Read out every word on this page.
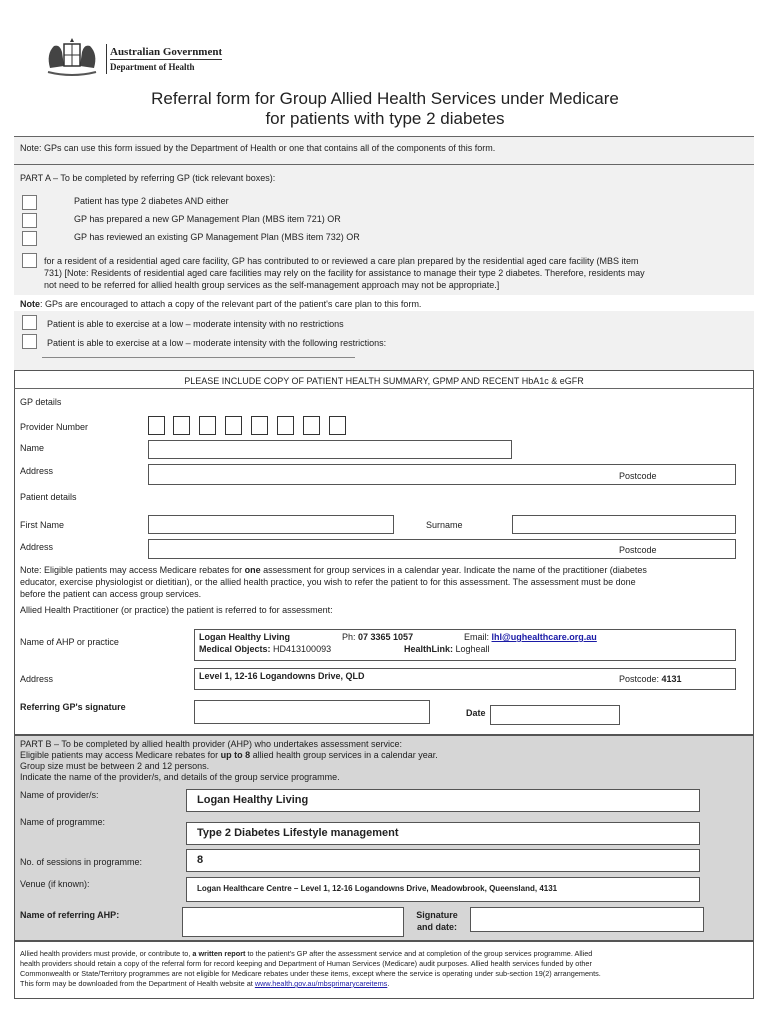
Australian Government
Department of Health
Referral form for Group Allied Health Services under Medicare
for patients with type 2 diabetes
Note: GPs can use this form issued by the Department of Health or one that contains all of the components of this form.
PART A – To be completed by referring GP (tick relevant boxes):
Patient has type 2 diabetes AND either
GP has prepared a new GP Management Plan (MBS item 721) OR
GP has reviewed an existing GP Management Plan (MBS item 732) OR
for a resident of a residential aged care facility, GP has contributed to or reviewed a care plan prepared by the residential aged care facility (MBS item
731) [Note: Residents of residential aged care facilities may rely on the facility for assistance to manage their type 2 diabetes. Therefore, residents may
not need to be referred for allied health group services as the self-management approach may not be appropriate.]
Note: GPs are encouraged to attach a copy of the relevant part of the patient's care plan to this form.
Patient is able to exercise at a low – moderate intensity with no restrictions
Patient is able to exercise at a low – moderate intensity with the following restrictions:
PLEASE INCLUDE COPY OF PATIENT HEALTH SUMMARY, GPMP AND RECENT HbA1c & eGFR
GP details
Provider Number
Name
Address	Postcode
Patient details
First Name	Surname
Address	Postcode
Note: Eligible patients may access Medicare rebates for one assessment for group services in a calendar year. Indicate the name of the practitioner (diabetes
educator, exercise physiologist or dietitian), or the allied health practice, you wish to refer the patient to for this assessment. The assessment must be done
before the patient can access group services.
Allied Health Practitioner (or practice) the patient is referred to for assessment:
Name of AHP or practice	Logan Healthy Living	Ph: 07 3365 1057	Email: lhl@ughealthcare.org.au
Medical Objects: HD413100093	HealthLink: Logheall
Address	Level 1, 12-16 Logandowns Drive, QLD	Postcode: 4131
Referring GP's signature
Date
PART B – To be completed by allied health provider (AHP) who undertakes assessment service:
Eligible patients may access Medicare rebates for up to 8 allied health group services in a calendar year.
Group size must be between 2 and 12 persons.
Indicate the name of the provider/s, and details of the group service programme.
Name of provider/s:	Logan Healthy Living
Name of programme:
Type 2 Diabetes Lifestyle management
No. of sessions in programme:	8
Venue (if known):	Logan Healthcare Centre – Level 1, 12-16 Logandowns Drive, Meadowbrook, Queensland, 4131
Name of referring AHP:	Signature
and date:
Allied health providers must provide, or contribute to, a written report to the patient's GP after the assessment service and at completion of the group services programme. Allied
health providers should retain a copy of the referral form for record keeping and Department of Human Services (Medicare) audit purposes. Allied health services funded by other
Commonwealth or State/Territory programmes are not eligible for Medicare rebates under these items, except where the service is operating under sub-section 19(2) arrangements.
This form may be downloaded from the Department of Health website at www.health.gov.au/mbsprimarycareitems.
